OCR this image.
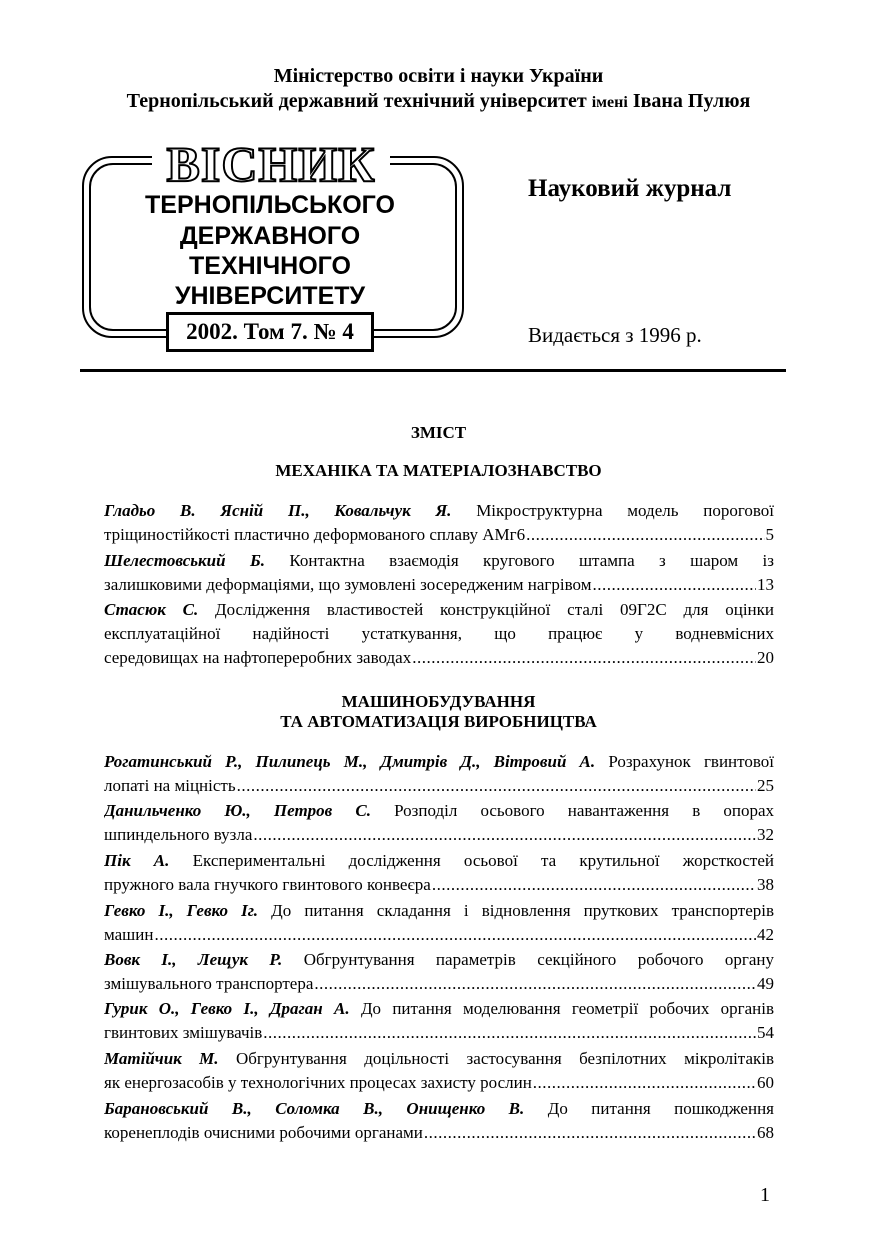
Міністерство освіти і науки України
Тернопільський державний технічний університет імені Івана Пулюя
ВІСНИК
ТЕРНОПІЛЬСЬКОГО
ДЕРЖАВНОГО
ТЕХНІЧНОГО
УНІВЕРСИТЕТУ
2002. Том 7. № 4
Науковий журнал
Видається з 1996 р.
ЗМІСТ
МЕХАНІКА ТА МАТЕРІАЛОЗНАВСТВО
Гладьо В. Ясній П., Ковальчук Я. Мікроструктурна модель порогової
тріщиностійкості пластично деформованого сплаву АМг6 .....	5
Шелестовський Б. Контактна взаємодія кругового штампа з шаром із
залишковими деформаціями, що зумовлені зосередженим нагрівом .....	13
Стасюк С. Дослідження властивостей конструкційної сталі 09Г2С для оцінки
експлуатаційної надійності устаткування, що працює у водневмісних
середовищах на нафтопереробних заводах .....	20
МАШИНОБУДУВАННЯ
ТА АВТОМАТИЗАЦІЯ ВИРОБНИЦТВА
Рогатинський Р., Пилипець М., Дмитрів Д., Вітровий А. Розрахунок гвинтової
лопаті на міцність .....	25
Данильченко Ю., Петров С. Розподіл осьового навантаження в опорах
шпиндельного вузла .....	32
Пік А. Експериментальні дослідження осьової та крутильної жорсткостей
пружного вала гнучкого гвинтового конвеєра .....	38
Гевко І., Гевко Іг. До питання складання і відновлення пруткових транспортерів
машин .....	42
Вовк І., Лещук Р. Обгрунтування параметрів секційного робочого органу
змішувального транспортера .....	49
Гурик О., Гевко І., Драган А. До питання моделювання геометрії робочих органів
гвинтових змішувачів .....	54
Матійчик М. Обгрунтування доцільності застосування безпілотних мікролітаків
як енергозасобів у технологічних процесах захисту рослин .....	60
Барановський В., Соломка В., Онищенко В. До питання пошкодження
коренеплодів очисними робочими органами .....	68
1
